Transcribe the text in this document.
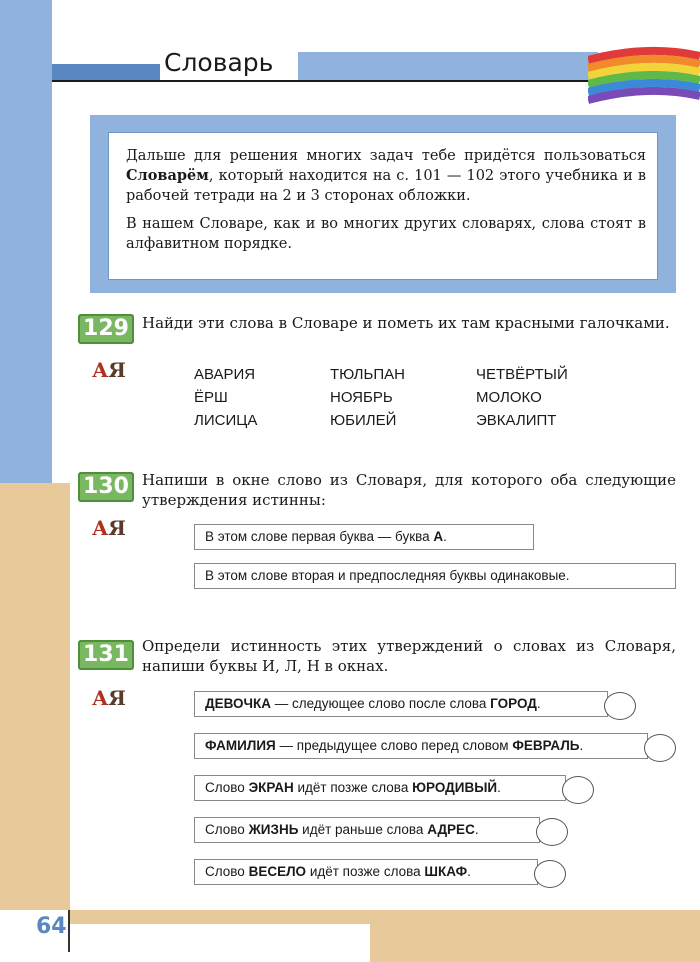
64
Словарь

Дальше для решения многих задач тебе придётся пользоваться Словарём, который находится на с. 101 — 102 этого учебника и в рабочей тетради на 2 и 3 сторонах обложки.

В нашем Словаре, как и во многих других словарях, слова стоят в алфавитном порядке.

129 Найди эти слова в Словаре и пометь их там красными галочками.
АЯ	АВАРИЯ	ТЮЛЬПАН	ЧЕТВЁРТЫЙ
ЁРШ	НОЯБРЬ	МОЛОКО
ЛИСИЦА	ЮБИЛЕЙ	ЭВКАЛИПТ
130 Напиши в окне слово из Словаря, для которого оба следующие утверждения истинны:
АЯ	В этом слове первая буква — буква А.
В этом слове вторая и предпоследняя буквы одинаковые.
131 Определи истинность этих утверждений о словах из Словаря, напиши буквы И, Л, Н в окнах.
АЯ	ДЕВОЧКА — следующее слово после слова ГОРОД.
ФАМИЛИЯ — предыдущее слово перед словом ФЕВРАЛЬ.
Слово ЭКРАН идёт позже слова ЮРОДИВЫЙ.
Слово ЖИЗНЬ идёт раньше слова АДРЕС.
Слово ВЕСЕЛО идёт позже слова ШКАФ.
